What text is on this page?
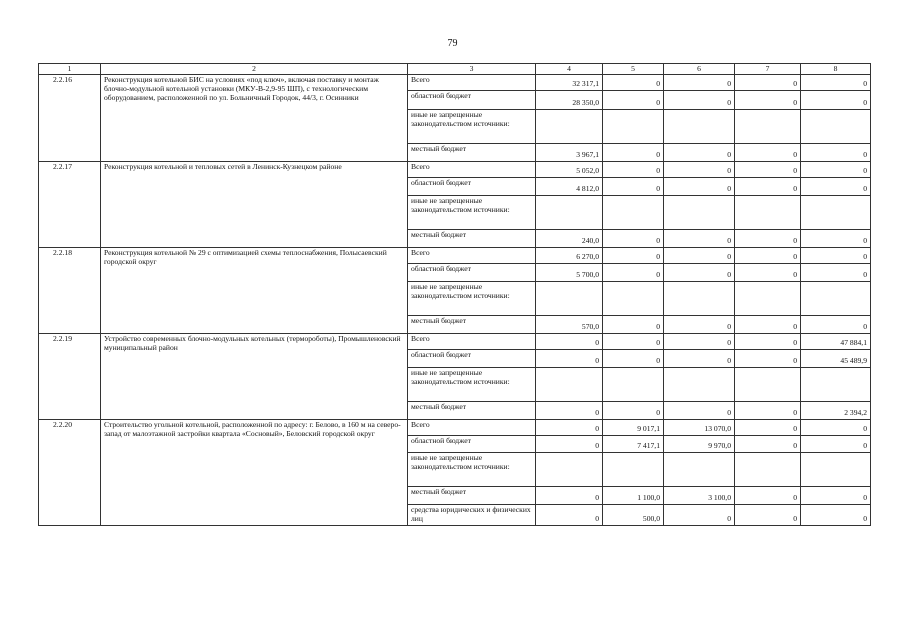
79
1	2	3	4	5	6	7	8
2.2.16	Реконструкция котельной БИС на условиях «под ключ», включая поставку и монтаж блочно-модульной котельной установки (МКУ-В-2,9-95 ШП), с технологическим оборудованием, расположенной по ул. Больничный Городок, 44/3, г. Осинники	Всего	32 317,1	0	0	0	0
		областной бюджет	28 350,0	0	0	0	0
		иные не запрещенные законодательством источники:					
		местный бюджет	3 967,1	0	0	0	0
2.2.17	Реконструкция котельной и тепловых сетей в Ленинск-Кузнецком районе	Всего	5 052,0	0	0	0	0
		областной бюджет	4 812,0	0	0	0	0
		иные не запрещенные законодательством источники:					
		местный бюджет	240,0	0	0	0	0
2.2.18	Реконструкция котельной № 29 с оптимизацией схемы теплоснабжения, Полысаевский городской округ	Всего	6 270,0	0	0	0	0
		областной бюджет	5 700,0	0	0	0	0
		иные не запрещенные законодательством источники:					
		местный бюджет	570,0	0	0	0	0
2.2.19	Устройство современных блочно-модульных котельных (термороботы), Промышленовский муниципальный район	Всего	0	0	0	0	47 884,1
		областной бюджет	0	0	0	0	45 489,9
		иные не запрещенные законодательством источники:					
		местный бюджет	0	0	0	0	2 394,2
2.2.20	Строительство угольной котельной, расположенной по адресу: г. Белово, в 160 м на северо-запад от малоэтажной застройки квартала «Сосновый», Беловский городской округ	Всего	0	9 017,1	13 070,0	0	0
		областной бюджет	0	7 417,1	9 970,0	0	0
		иные не запрещенные законодательством источники:					
		местный бюджет	0	1 100,0	3 100,0	0	0
		средства юридических и физических лиц	0	500,0	0	0	0
